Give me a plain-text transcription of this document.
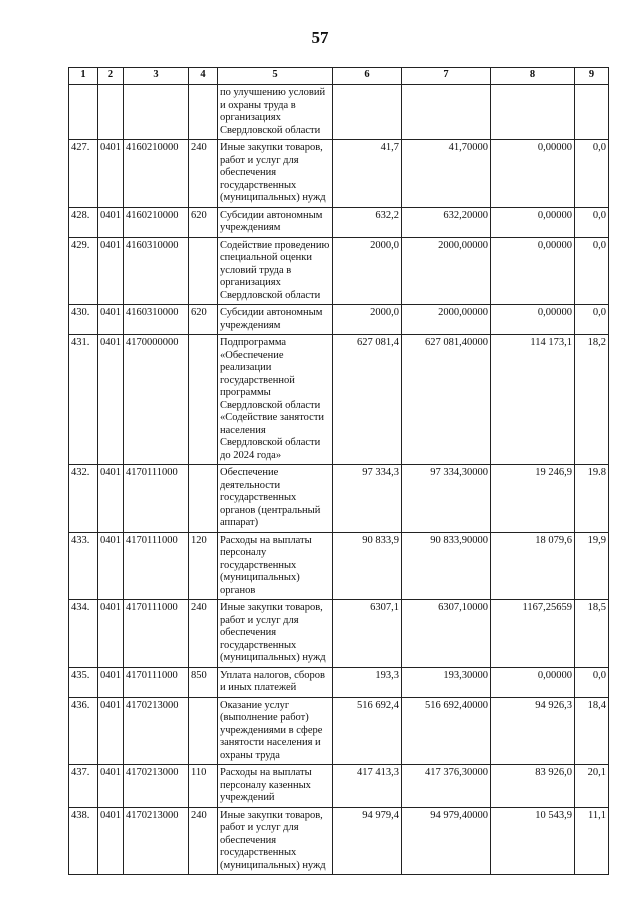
57
1	2	3	4	5	6	7	8	9
				по улучшению условий и охраны труда в организациях Свердловской области				
427.	0401	4160210000	240	Иные закупки товаров, работ и услуг для обеспечения государственных (муниципальных) нужд	41,7	41,70000	0,00000	0,0
428.	0401	4160210000	620	Субсидии автономным учреждениям	632,2	632,20000	0,00000	0,0
429.	0401	4160310000		Содействие проведению специальной оценки условий труда в организациях Свердловской области	2000,0	2000,00000	0,00000	0,0
430.	0401	4160310000	620	Субсидии автономным учреждениям	2000,0	2000,00000	0,00000	0,0
431.	0401	4170000000		Подпрограмма «Обеспечение реализации государственной программы Свердловской области «Содействие занятости населения Свердловской области до 2024 года»	627 081,4	627 081,40000	114 173,1	18,2
432.	0401	4170111000		Обеспечение деятельности государственных органов (центральный аппарат)	97 334,3	97 334,30000	19 246,9	19.8
433.	0401	4170111000	120	Расходы на выплаты персоналу государственных (муниципальных) органов	90 833,9	90 833,90000	18 079,6	19,9
434.	0401	4170111000	240	Иные закупки товаров, работ и услуг для обеспечения государственных (муниципальных) нужд	6307,1	6307,10000	1167,25659	18,5
435.	0401	4170111000	850	Уплата налогов, сборов и иных платежей	193,3	193,30000	0,00000	0,0
436.	0401	4170213000		Оказание услуг (выполнение работ) учреждениями в сфере занятости населения и охраны труда	516 692,4	516 692,40000	94 926,3	18,4
437.	0401	4170213000	110	Расходы на выплаты персоналу казенных учреждений	417 413,3	417 376,30000	83 926,0	20,1
438.	0401	4170213000	240	Иные закупки товаров, работ и услуг для обеспечения государственных (муниципальных) нужд	94 979,4	94 979,40000	10 543,9	11,1
